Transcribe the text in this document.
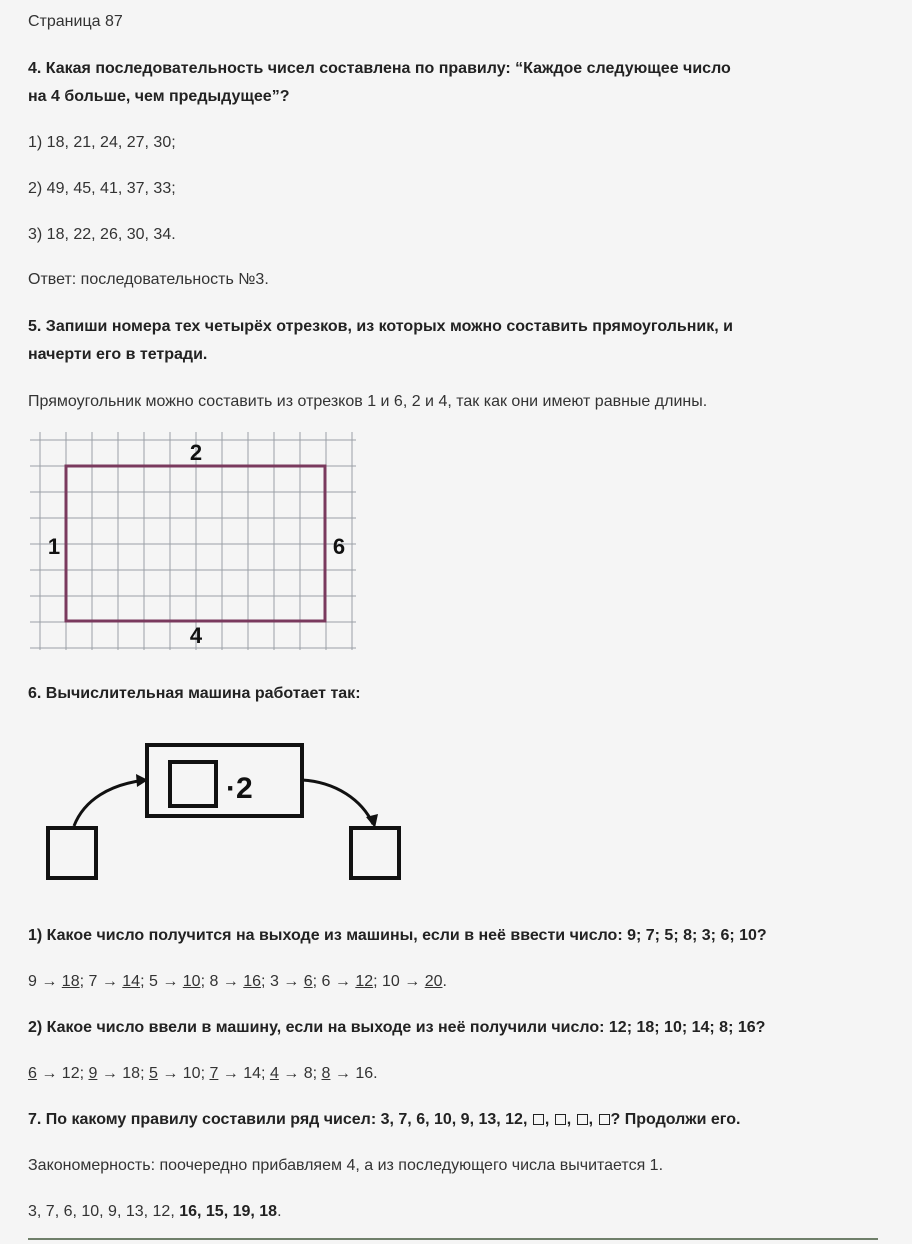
Страница 87
4. Какая последовательность чисел составлена по правилу: “Каждое следующее число
на 4 больше, чем предыдущее”?
1) 18, 21, 24, 27, 30;
2) 49, 45, 41, 37, 33;
3) 18, 22, 26, 30, 34.
Ответ: последовательность №3.
5. Запиши номера тех четырёх отрезков, из которых можно составить прямоугольник, и
начерти его в тетради.
Прямоугольник можно составить из отрезков 1 и 6, 2 и 4, так как они имеют равные длины.
2
1	6
4
6. Вычислительная машина работает так:
·2
1) Какое число получится на выходе из машины, если в неё ввести число: 9; 7; 5; 8; 3; 6; 10?
9 → 18; 7 → 14; 5 → 10; 8 → 16; 3 → 6; 6 → 12; 10 → 20.
2) Какое число ввели в машину, если на выходе из неё получили число: 12; 18; 10; 14; 8; 16?
6 → 12; 9 → 18; 5 → 10; 7 → 14; 4 → 8; 8 → 16.
7. По какому правилу составили ряд чисел: 3, 7, 6, 10, 9, 13, 12, , , , ? Продолжи его.
Закономерность: поочередно прибавляем 4, а из последующего числа вычитается 1.
3, 7, 6, 10, 9, 13, 12, 16, 15, 19, 18.
